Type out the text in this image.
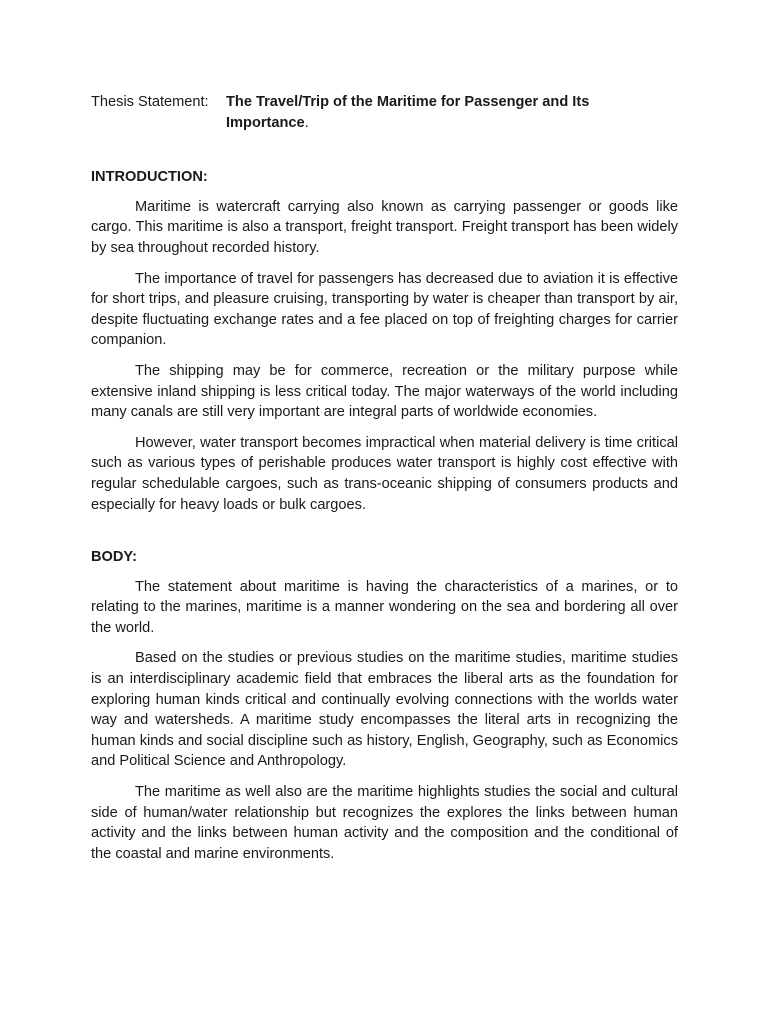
Thesis Statement:	The Travel/Trip of the Maritime for Passenger and Its Importance.
INTRODUCTION:

Maritime is watercraft carrying also known as carrying passenger or goods like cargo. This maritime is also a transport, freight transport. Freight transport has been widely by sea throughout recorded history.

The importance of travel for passengers has decreased due to aviation it is effective for short trips, and pleasure cruising, transporting by water is cheaper than transport by air, despite fluctuating exchange rates and a fee placed on top of freighting charges for carrier companion.

The shipping may be for commerce, recreation or the military purpose while extensive inland shipping is less critical today. The major waterways of the world including many canals are still very important are integral parts of worldwide economies.

However, water transport becomes impractical when material delivery is time critical such as various types of perishable produces water transport is highly cost effective with regular schedulable cargoes, such as trans-oceanic shipping of consumers products and especially for heavy loads or bulk cargoes.

BODY:

The statement about maritime is having the characteristics of a marines, or to relating to the marines, maritime is a manner wondering on the sea and bordering all over the world.

Based on the studies or previous studies on the maritime studies, maritime studies is an interdisciplinary academic field that embraces the liberal arts as the foundation for exploring human kinds critical and continually evolving connections with the worlds water way and watersheds. A maritime study encompasses the literal arts in recognizing the human kinds and social discipline such as history, English, Geography, such as Economics and Political Science and Anthropology.

The maritime as well also are the maritime highlights studies the social and cultural side of human/water relationship but recognizes the explores the links between human activity and the links between human activity and the composition and the conditional of the coastal and marine environments.
